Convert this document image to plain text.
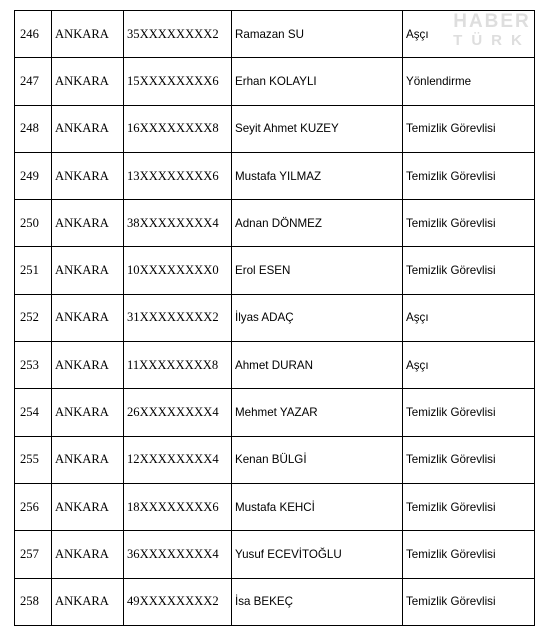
246	ANKARA	35XXXXXXXX2	Ramazan SU	Aşçı
247	ANKARA	15XXXXXXXX6	Erhan KOLAYLI	Yönlendirme
248	ANKARA	16XXXXXXXX8	Seyit Ahmet KUZEY	Temizlik Görevlisi
249	ANKARA	13XXXXXXXX6	Mustafa YILMAZ	Temizlik Görevlisi
250	ANKARA	38XXXXXXXX4	Adnan DÖNMEZ	Temizlik Görevlisi
251	ANKARA	10XXXXXXXX0	Erol ESEN	Temizlik Görevlisi
252	ANKARA	31XXXXXXXX2	İlyas ADAÇ	Aşçı
253	ANKARA	11XXXXXXXX8	Ahmet DURAN	Aşçı
254	ANKARA	26XXXXXXXX4	Mehmet YAZAR	Temizlik Görevlisi
255	ANKARA	12XXXXXXXX4	Kenan BÜLGİ	Temizlik Görevlisi
256	ANKARA	18XXXXXXXX6	Mustafa KEHCİ	Temizlik Görevlisi
257	ANKARA	36XXXXXXXX4	Yusuf ECEVİTOĞLU	Temizlik Görevlisi
258	ANKARA	49XXXXXXXX2	İsa BEKEÇ	Temizlik Görevlisi
HABER
TÜRK
